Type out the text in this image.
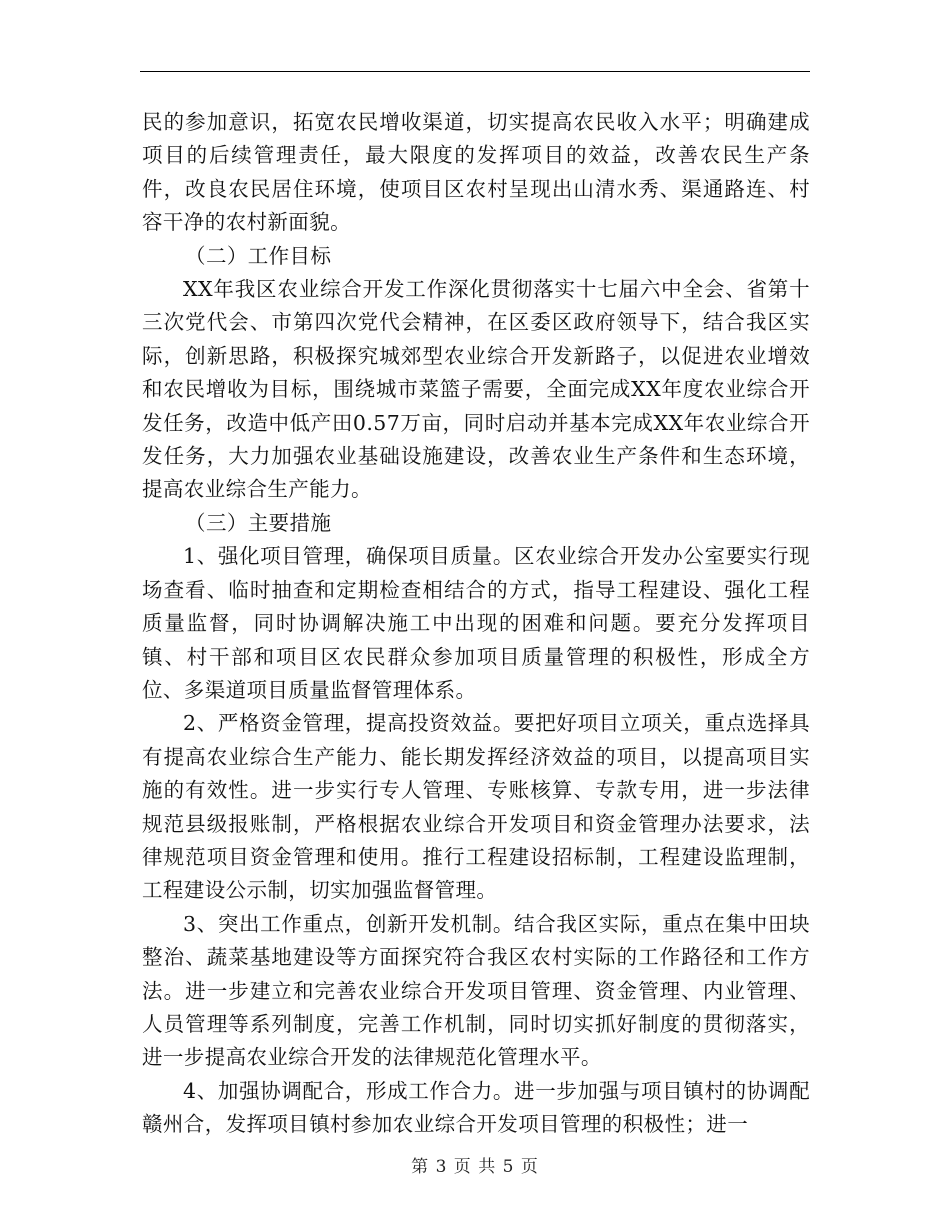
民的参加意识，拓宽农民增收渠道，切实提高农民收入水平；明确建成项目的后续管理责任，最大限度的发挥项目的效益，改善农民生产条件，改良农民居住环境，使项目区农村呈现出山清水秀、渠通路连、村容干净的农村新面貌。

（二）工作目标

XX年我区农业综合开发工作深化贯彻落实十七届六中全会、省第十三次党代会、市第四次党代会精神，在区委区政府领导下，结合我区实际，创新思路，积极探究城郊型农业综合开发新路子，以促进农业增效和农民增收为目标，围绕城市菜篮子需要，全面完成XX年度农业综合开发任务，改造中低产田0.57万亩，同时启动并基本完成XX年农业综合开发任务，大力加强农业基础设施建设，改善农业生产条件和生态环境，提高农业综合生产能力。

（三）主要措施

1、强化项目管理，确保项目质量。区农业综合开发办公室要实行现场查看、临时抽查和定期检查相结合的方式，指导工程建设、强化工程质量监督，同时协调解决施工中出现的困难和问题。要充分发挥项目镇、村干部和项目区农民群众参加项目质量管理的积极性，形成全方位、多渠道项目质量监督管理体系。

2、严格资金管理，提高投资效益。要把好项目立项关，重点选择具有提高农业综合生产能力、能长期发挥经济效益的项目，以提高项目实施的有效性。进一步实行专人管理、专账核算、专款专用，进一步法律规范县级报账制，严格根据农业综合开发项目和资金管理办法要求，法律规范项目资金管理和使用。推行工程建设招标制，工程建设监理制，工程建设公示制，切实加强监督管理。

3、突出工作重点，创新开发机制。结合我区实际，重点在集中田块整治、蔬菜基地建设等方面探究符合我区农村实际的工作路径和工作方法。进一步建立和完善农业综合开发项目管理、资金管理、内业管理、人员管理等系列制度，完善工作机制，同时切实抓好制度的贯彻落实，进一步提高农业综合开发的法律规范化管理水平。

4、加强协调配合，形成工作合力。进一步加强与项目镇村的协调配赣州合，发挥项目镇村参加农业综合开发项目管理的积极性；进一

第 3 页 共 5 页
